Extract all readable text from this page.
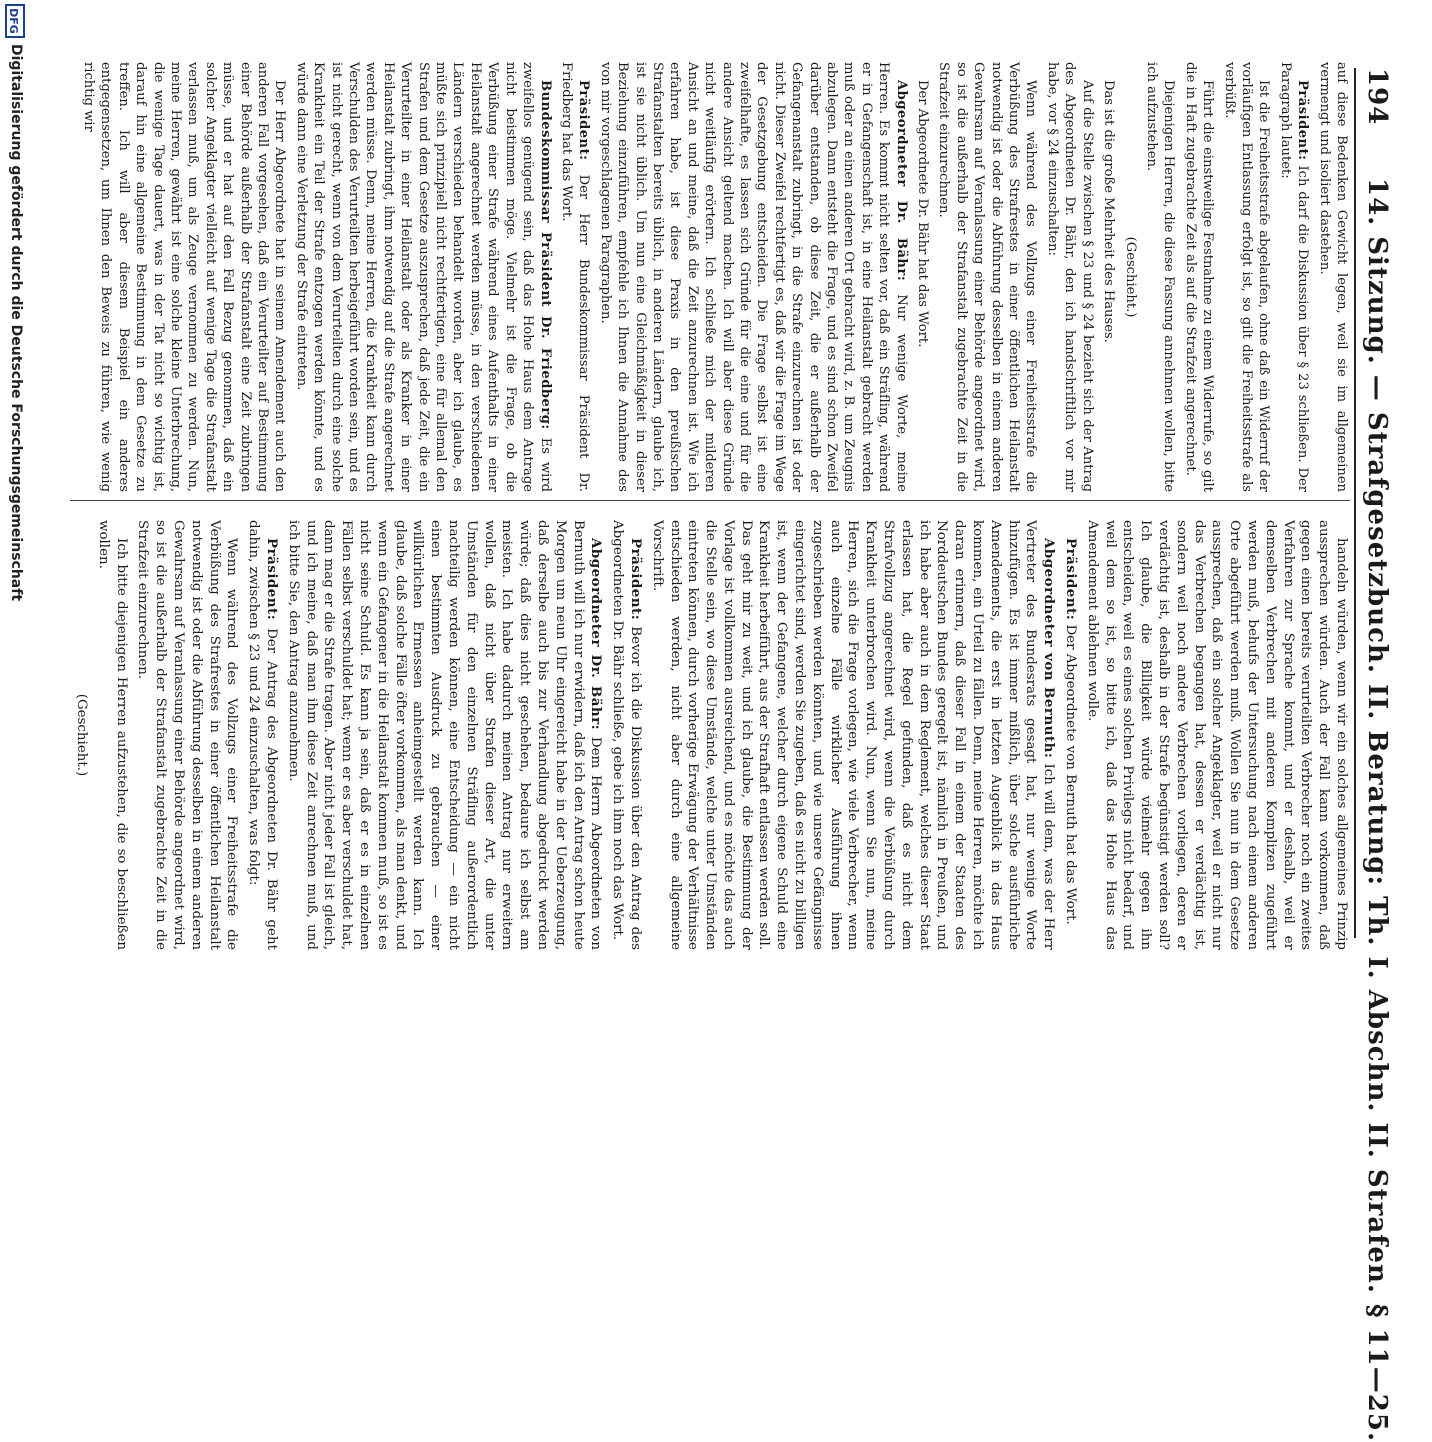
194
14. Sitzung. — Strafgesetzbuch. II. Beratung: Th. I. Abschn. II. Strafen. § 11—25.

auf diese Bedenken Gewicht legen, weil sie im allgemeinen vermengt und isoliert dastehen.

Präsident: Ich darf die Diskussion über § 23 schließen. Der Paragraph lautet:

Ist die Freiheitsstrafe abgelaufen, ohne daß ein Widerruf der vorläufigen Entlassung erfolgt ist, so gilt die Freiheitsstrafe als verbüßt.

Führt die einstweilige Festnahme zu einem Widerrufe, so gilt die in Haft zugebrachte Zeit als auf die Strafzeit angerechnet.

Diejenigen Herren, die diese Fassung annehmen wollen, bitte ich aufzustehen.

(Geschieht.)

Das ist die große Mehrheit des Hauses.

Auf die Stelle zwischen § 23 und § 24 bezieht sich der Antrag des Abgeordneten Dr. Bähr, den ich handschriftlich vor mir habe, vor § 24 einzuschalten:

Wenn während des Vollzugs einer Freiheitsstrafe die Verbüßung des Strafrestes in einer öffentlichen Heilanstalt notwendig ist oder die Abführung desselben in einem anderen Gewahrsam auf Veranlassung einer Behörde angeordnet wird, so ist die außerhalb der Strafanstalt zugebrachte Zeit in die Strafzeit einzurechnen.

Der Abgeordnete Dr. Bähr hat das Wort.

Abgeordneter Dr. Bähr: Nur wenige Worte, meine Herren. Es kommt nicht selten vor, daß ein Sträfling, während er in Gefangenschaft ist, in eine Heilanstalt gebracht werden muß oder an einen anderen Ort gebracht wird, z. B. um Zeugnis abzulegen. Dann entsteht die Frage, und es sind schon Zweifel darüber entstanden, ob diese Zeit, die er außerhalb der Gefangenanstalt zubringt, in die Strafe einzurechnen ist oder nicht. Dieser Zweifel rechtfertigt es, daß wir die Frage im Wege der Gesetzgebung entscheiden. Die Frage selbst ist eine zweifelhafte, es lassen sich Gründe für die eine und für die andere Ansicht geltend machen. Ich will aber diese Gründe nicht weitläufig erörtern. Ich schließe mich der milderen Ansicht an und meine, daß die Zeit anzurechnen ist. Wie ich erfahren habe, ist diese Praxis in den preußischen Strafanstalten bereits üblich, in anderen Ländern, glaube ich, ist sie nicht üblich. Um nun eine Gleichmäßigkeit in dieser Beziehung einzuführen, empfehle ich Ihnen die Annahme des von mir vorgeschlagenen Paragraphen.

Präsident: Der Herr Bundeskommissar Präsident Dr. Friedberg hat das Wort.

Bundeskommissar Präsident Dr. Friedberg: Es wird zweifellos genügend sein, daß das Hohe Haus dem Antrage nicht beistimmen möge. Vielmehr ist die Frage, ob die Verbüßung einer Strafe während eines Aufenthalts in einer Heilanstalt angerechnet werden müsse, in den verschiedenen Ländern verschieden behandelt worden, aber ich glaube, es müßte sich prinzipiell nicht rechtfertigen, eine für allemal den Strafen und dem Gesetze auszusprechen, daß jede Zeit, die ein Verurteilter in einer Heilanstalt oder als Kranker in einer Heilanstalt zubringt, ihm notwendig auf die Strafe angerechnet werden müsse. Denn, meine Herren, die Krankheit kann durch Verschulden des Verurteilten herbeigeführt worden sein, und es ist nicht gerecht, wenn von dem Verurteilten durch eine solche Krankheit ein Teil der Strafe entzogen werden könnte, und es würde dann eine Verletzung der Strafe eintreten.

Der Herr Abgeordnete hat in seinem Amendement auch den anderen Fall vorgesehen, daß ein Verurteilter auf Bestimmung einer Behörde außerhalb der Strafanstalt eine Zeit zubringen müsse, und er hat auf den Fall Bezug genommen, daß ein solcher Angeklagter vielleicht auf wenige Tage die Strafanstalt verlassen muß, um als Zeuge vernommen zu werden. Nun, meine Herren, gewährt ist eine solche kleine Unterbrechung, die wenige Tage dauert, was in der Tat nicht so wichtig ist, darauf hin eine allgemeine Bestimmung in dem Gesetze zu treffen. Ich will aber diesem Beispiel ein anderes entgegensetzen, um Ihnen den Beweis zu führen, wie wenig richtig wir

handeln würden, wenn wir ein solches allgemeines Prinzip aussprechen würden. Auch der Fall kann vorkommen, daß gegen einen bereits verurteilten Verbrecher noch ein zweites Verfahren zur Sprache kommt, und er deshalb, weil er demselben Verbrechen mit anderen Komplizen zugeführt werden muß, behufs der Untersuchung nach einem anderen Orte abgeführt werden muß. Wollen Sie nun in dem Gesetze aussprechen, daß ein solcher Angeklagter, weil er nicht nur das Verbrechen begangen hat, dessen er verdächtig ist, sondern weil noch andere Verbrechen vorliegen, deren er verdächtig ist, deshalb in der Strafe begünstigt werden soll? Ich glaube, die Billigkeit würde vielmehr gegen ihn entscheiden, weil es eines solchen Privilegs nicht bedarf, und weil dem so ist, so bitte ich, daß das Hohe Haus das Amendement ablehnen wolle.

Präsident: Der Abgeordnete von Bernuth hat das Wort.

Abgeordneter von Bernuth: Ich will dem, was der Herr Vertreter des Bundesrats gesagt hat, nur wenige Worte hinzufügen. Es ist immer mißlich, über solche ausführliche Amendements, die erst in letzten Augenblick in das Haus kommen, ein Urteil zu fällen. Denn, meine Herren, möchte ich daran erinnern, daß dieser Fall in einem der Staaten des Norddeutschen Bundes geregelt ist, nämlich in Preußen, und ich habe aber auch in dem Reglement, welches dieser Staat erlassen hat, die Regel gefunden, daß es nicht dem Strafvollzug angerechnet wird, wenn die Verbüßung durch Krankheit unterbrochen wird. Nun, wenn Sie nun, meine Herren, sich die Frage vorlegen, wie viele Verbrecher, wenn auch einzelne Fälle wirklicher Ausführung ihnen zugeschrieben werden könnten, und wie unsere Gefängnisse eingerichtet sind, werden Sie zugeben, daß es nicht zu billigen ist, wenn der Gefangene, welcher durch eigene Schuld eine Krankheit herbeiführt, aus der Strafhaft entlassen werden soll. Das geht mir zu weit, und ich glaube, die Bestimmung der Vorlage ist vollkommen ausreichend, und es möchte das auch die Stelle sein, wo diese Umstände, welche unter Umständen eintreten können, durch vorherige Erwägung der Verhältnisse entschieden werden, nicht aber durch eine allgemeine Vorschrift.

Präsident: Bevor ich die Diskussion über den Antrag des Abgeordneten Dr. Bähr schließe, gebe ich ihm noch das Wort.

Abgeordneter Dr. Bähr: Dem Herrn Abgeordneten von Bernuth will ich nur erwidern, daß ich den Antrag schon heute Morgen um neun Uhr eingereicht habe in der Ueberzeugung, daß derselbe auch bis zur Verhandlung abgedruckt werden würde; daß dies nicht geschehen, bedaure ich selbst am meisten. Ich habe dadurch meinen Antrag nur erweitern wollen, daß nicht über Strafen dieser Art, die unter Umständen für den einzelnen Sträfling außerordentlich nachteilig werden können, eine Entscheidung — ein nicht einen bestimmten Ausdruck zu gebrauchen — einer willkürlichen Ermessen anheimgestellt werden kann. Ich glaube, daß solche Fälle öfter vorkommen, als man denkt, und wenn ein Gefangener in die Heilanstalt kommen muß, so ist es nicht seine Schuld. Es kann ja sein, daß er es in einzelnen Fällen selbst verschuldet hat; wenn er es aber verschuldet hat, dann mag er die Strafe tragen. Aber nicht jeder Fall ist gleich, und ich meine, daß man ihm diese Zeit anrechnen muß, und ich bitte Sie, den Antrag anzunehmen.

Präsident: Der Antrag des Abgeordneten Dr. Bähr geht dahin, zwischen § 23 und 24 einzuschalten, was folgt:

Wenn während des Vollzugs einer Freiheitsstrafe die Verbüßung des Strafrestes in einer öffentlichen Heilanstalt notwendig ist oder die Abführung desselben in einem anderen Gewahrsam auf Veranlassung einer Behörde angeordnet wird, so ist die außerhalb der Strafanstalt zugebrachte Zeit in die Strafzeit einzurechnen.

Ich bitte diejenigen Herren aufzustehen, die so beschließen wollen.

(Geschieht.)

DFG
Digitalisierung gefördert durch die Deutsche Forschungsgemeinschaft
